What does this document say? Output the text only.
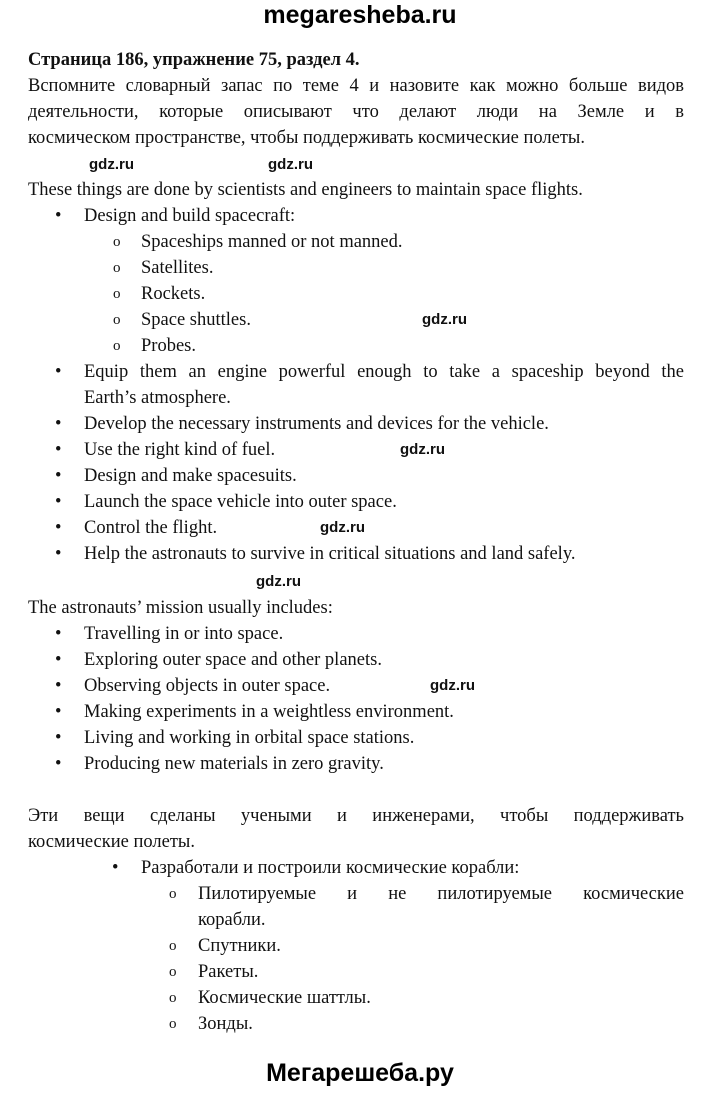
megaresheba.ru
Страница 186, упражнение 75, раздел 4.
Вспомните словарный запас по теме 4 и назовите как можно больше видов
деятельности, которые описывают что делают люди на Земле и в
космическом пространстве, чтобы поддерживать космические полеты.
These things are done by scientists and engineers to maintain space flights.
• Design and build spacecraft:
o Spaceships manned or not manned.
o Satellites.
o Rockets.
o Space shuttles.
o Probes.
• Equip them an engine powerful enough to take a spaceship beyond the
Earth’s atmosphere.
• Develop the necessary instruments and devices for the vehicle.
• Use the right kind of fuel.
• Design and make spacesuits.
• Launch the space vehicle into outer space.
• Control the flight.
• Help the astronauts to survive in critical situations and land safely.
The astronauts’ mission usually includes:
• Travelling in or into space.
• Exploring outer space and other planets.
• Observing objects in outer space.
• Making experiments in a weightless environment.
• Living and working in orbital space stations.
• Producing new materials in zero gravity.
Эти вещи сделаны учеными и инженерами, чтобы поддерживать
космические полеты.
• Разработали и построили космические корабли:
o Пилотируемые и не пилотируемые космические
корабли.
o Спутники.
o Ракеты.
o Космические шаттлы.
o Зонды.
gdz.ru	gdz.ru
gdz.ru
gdz.ru
gdz.ru
gdz.ru
gdz.ru
Мегарешеба.ру
